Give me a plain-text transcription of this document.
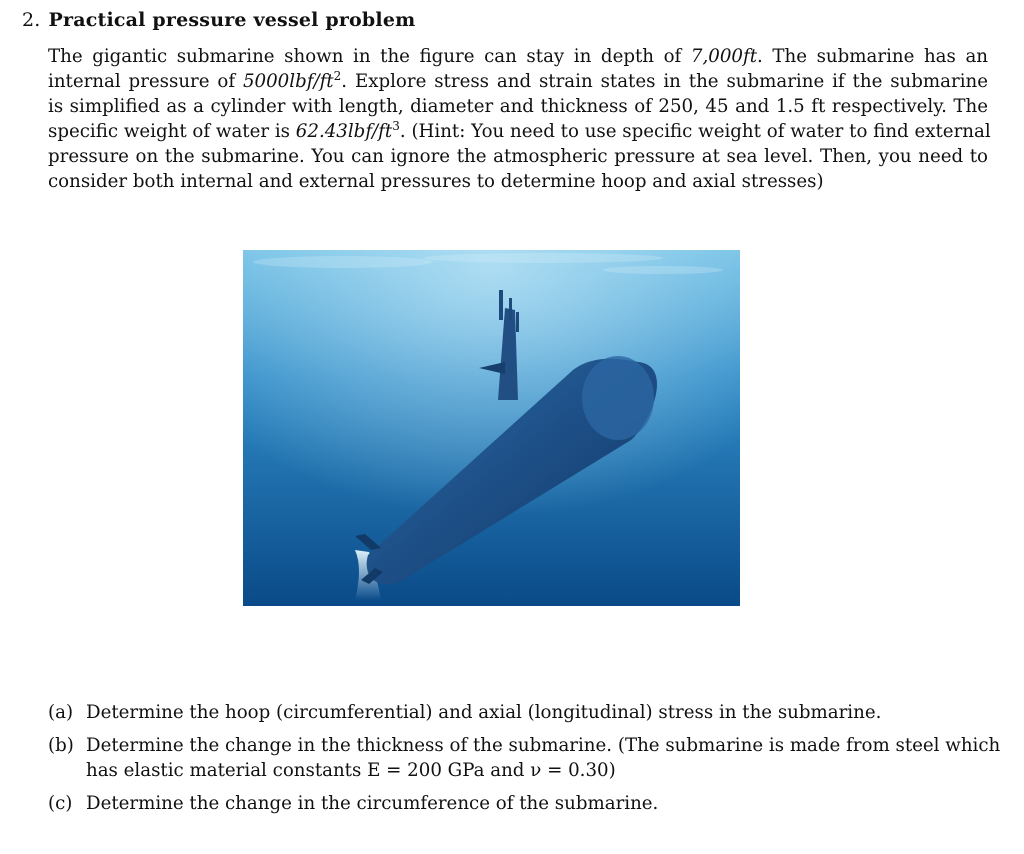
2. Practical pressure vessel problem
The gigantic submarine shown in the figure can stay in depth of 7,000ft. The submarine has an
internal pressure of $5000lbf/ft^2$. Explore stress and strain states in the submarine if the submarine
is simplified as a cylinder with length, diameter and thickness of 250, 45 and 1.5 ft respectively. The
specific weight of water is $62.43lbf/ft^3$. (Hint: You need to use specific weight of water to find external
pressure on the submarine. You can ignore the atmospheric pressure at sea level. Then, you need to
consider both internal and external pressures to determine hoop and axial stresses)
(a) Determine the hoop (circumferential) and axial (longitudinal) stress in the submarine.
(b) Determine the change in the thickness of the submarine. (The submarine is made from steel which
has elastic material constants E = 200 GPa and ν = 0.30)
(c) Determine the change in the circumference of the submarine.
